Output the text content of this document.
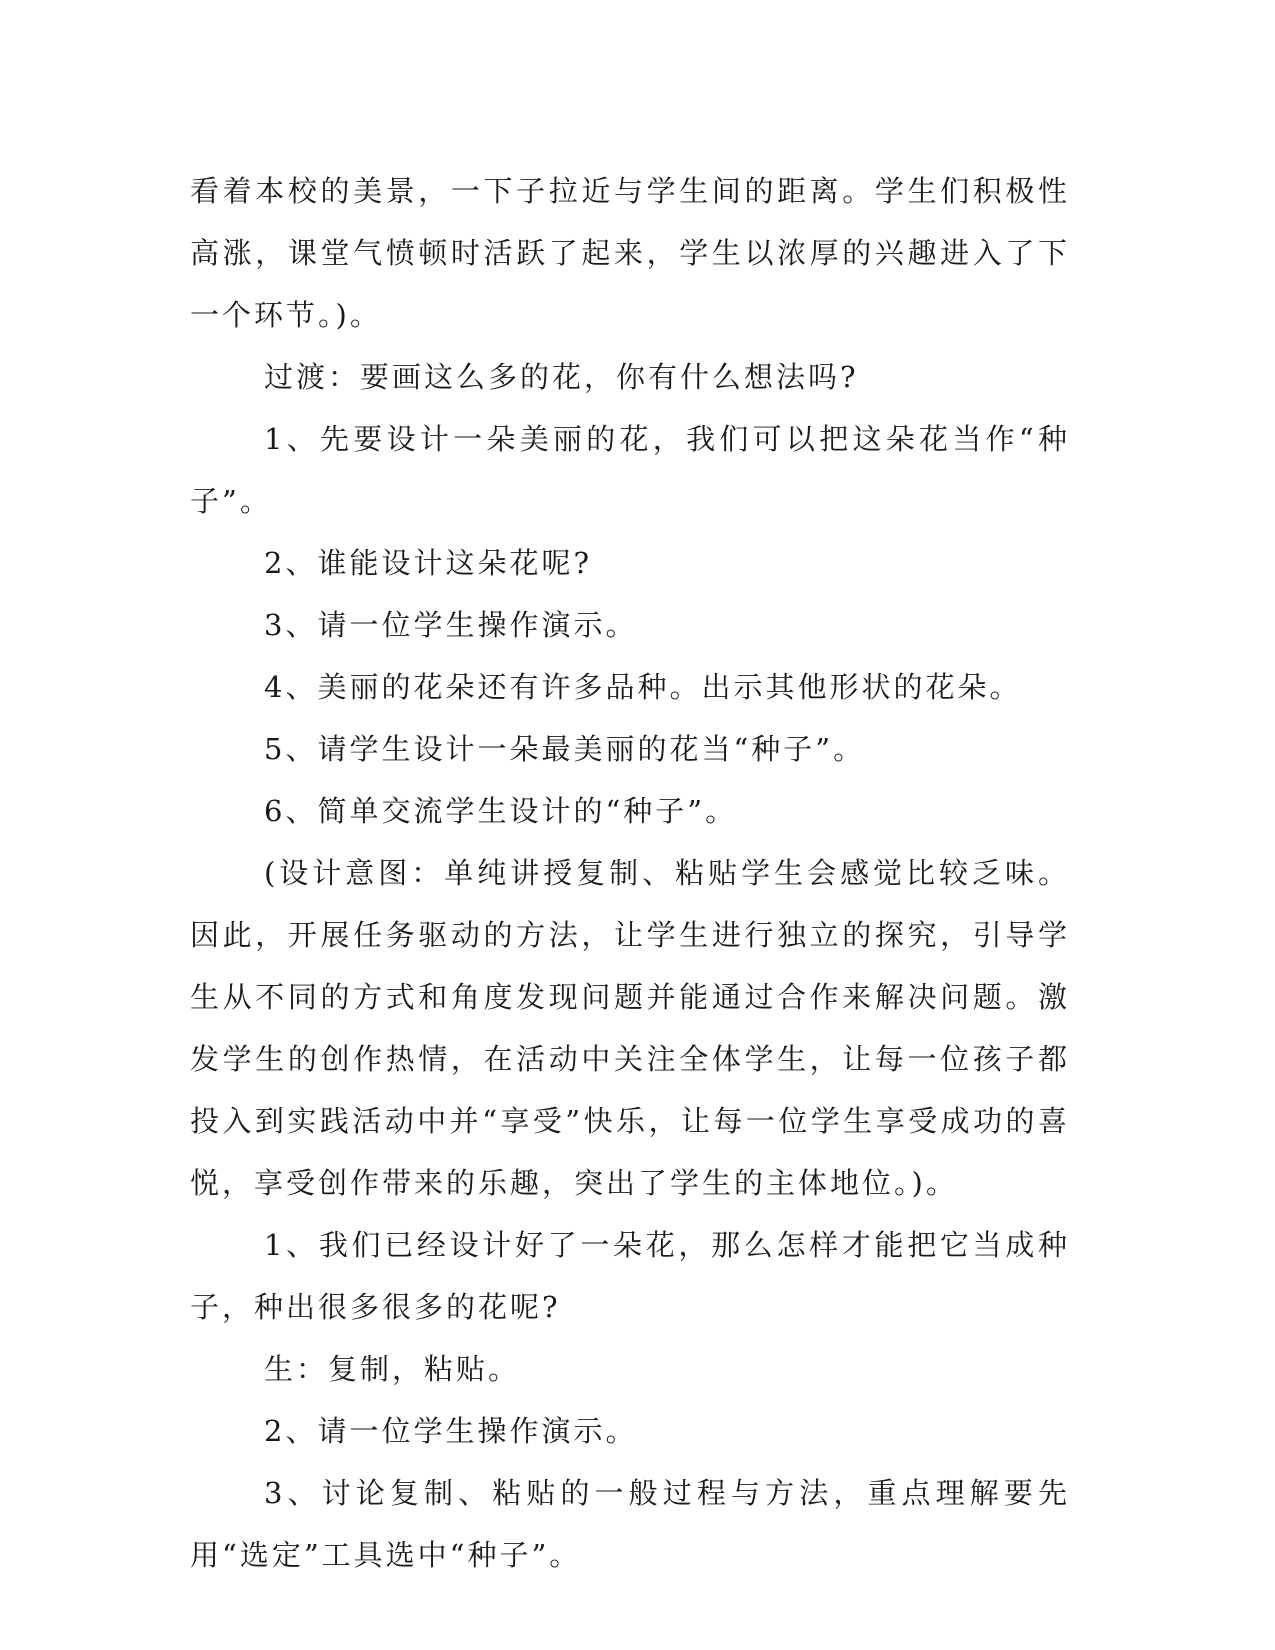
看着本校的美景，一下子拉近与学生间的距离。学生们积极性高涨，课堂气愤顿时活跃了起来，学生以浓厚的兴趣进入了下一个环节。)。

过渡：要画这么多的花，你有什么想法吗?

1、先要设计一朵美丽的花，我们可以把这朵花当作“种子”。

2、谁能设计这朵花呢?

3、请一位学生操作演示。

4、美丽的花朵还有许多品种。出示其他形状的花朵。

5、请学生设计一朵最美丽的花当“种子”。

6、简单交流学生设计的“种子”。

(设计意图：单纯讲授复制、粘贴学生会感觉比较乏味。因此，开展任务驱动的方法，让学生进行独立的探究，引导学生从不同的方式和角度发现问题并能通过合作来解决问题。激发学生的创作热情，在活动中关注全体学生，让每一位孩子都投入到实践活动中并“享受”快乐，让每一位学生享受成功的喜悦，享受创作带来的乐趣，突出了学生的主体地位。)。

1、我们已经设计好了一朵花，那么怎样才能把它当成种子，种出很多很多的花呢?

生：复制，粘贴。

2、请一位学生操作演示。

3、讨论复制、粘贴的一般过程与方法，重点理解要先用“选定”工具选中“种子”。
